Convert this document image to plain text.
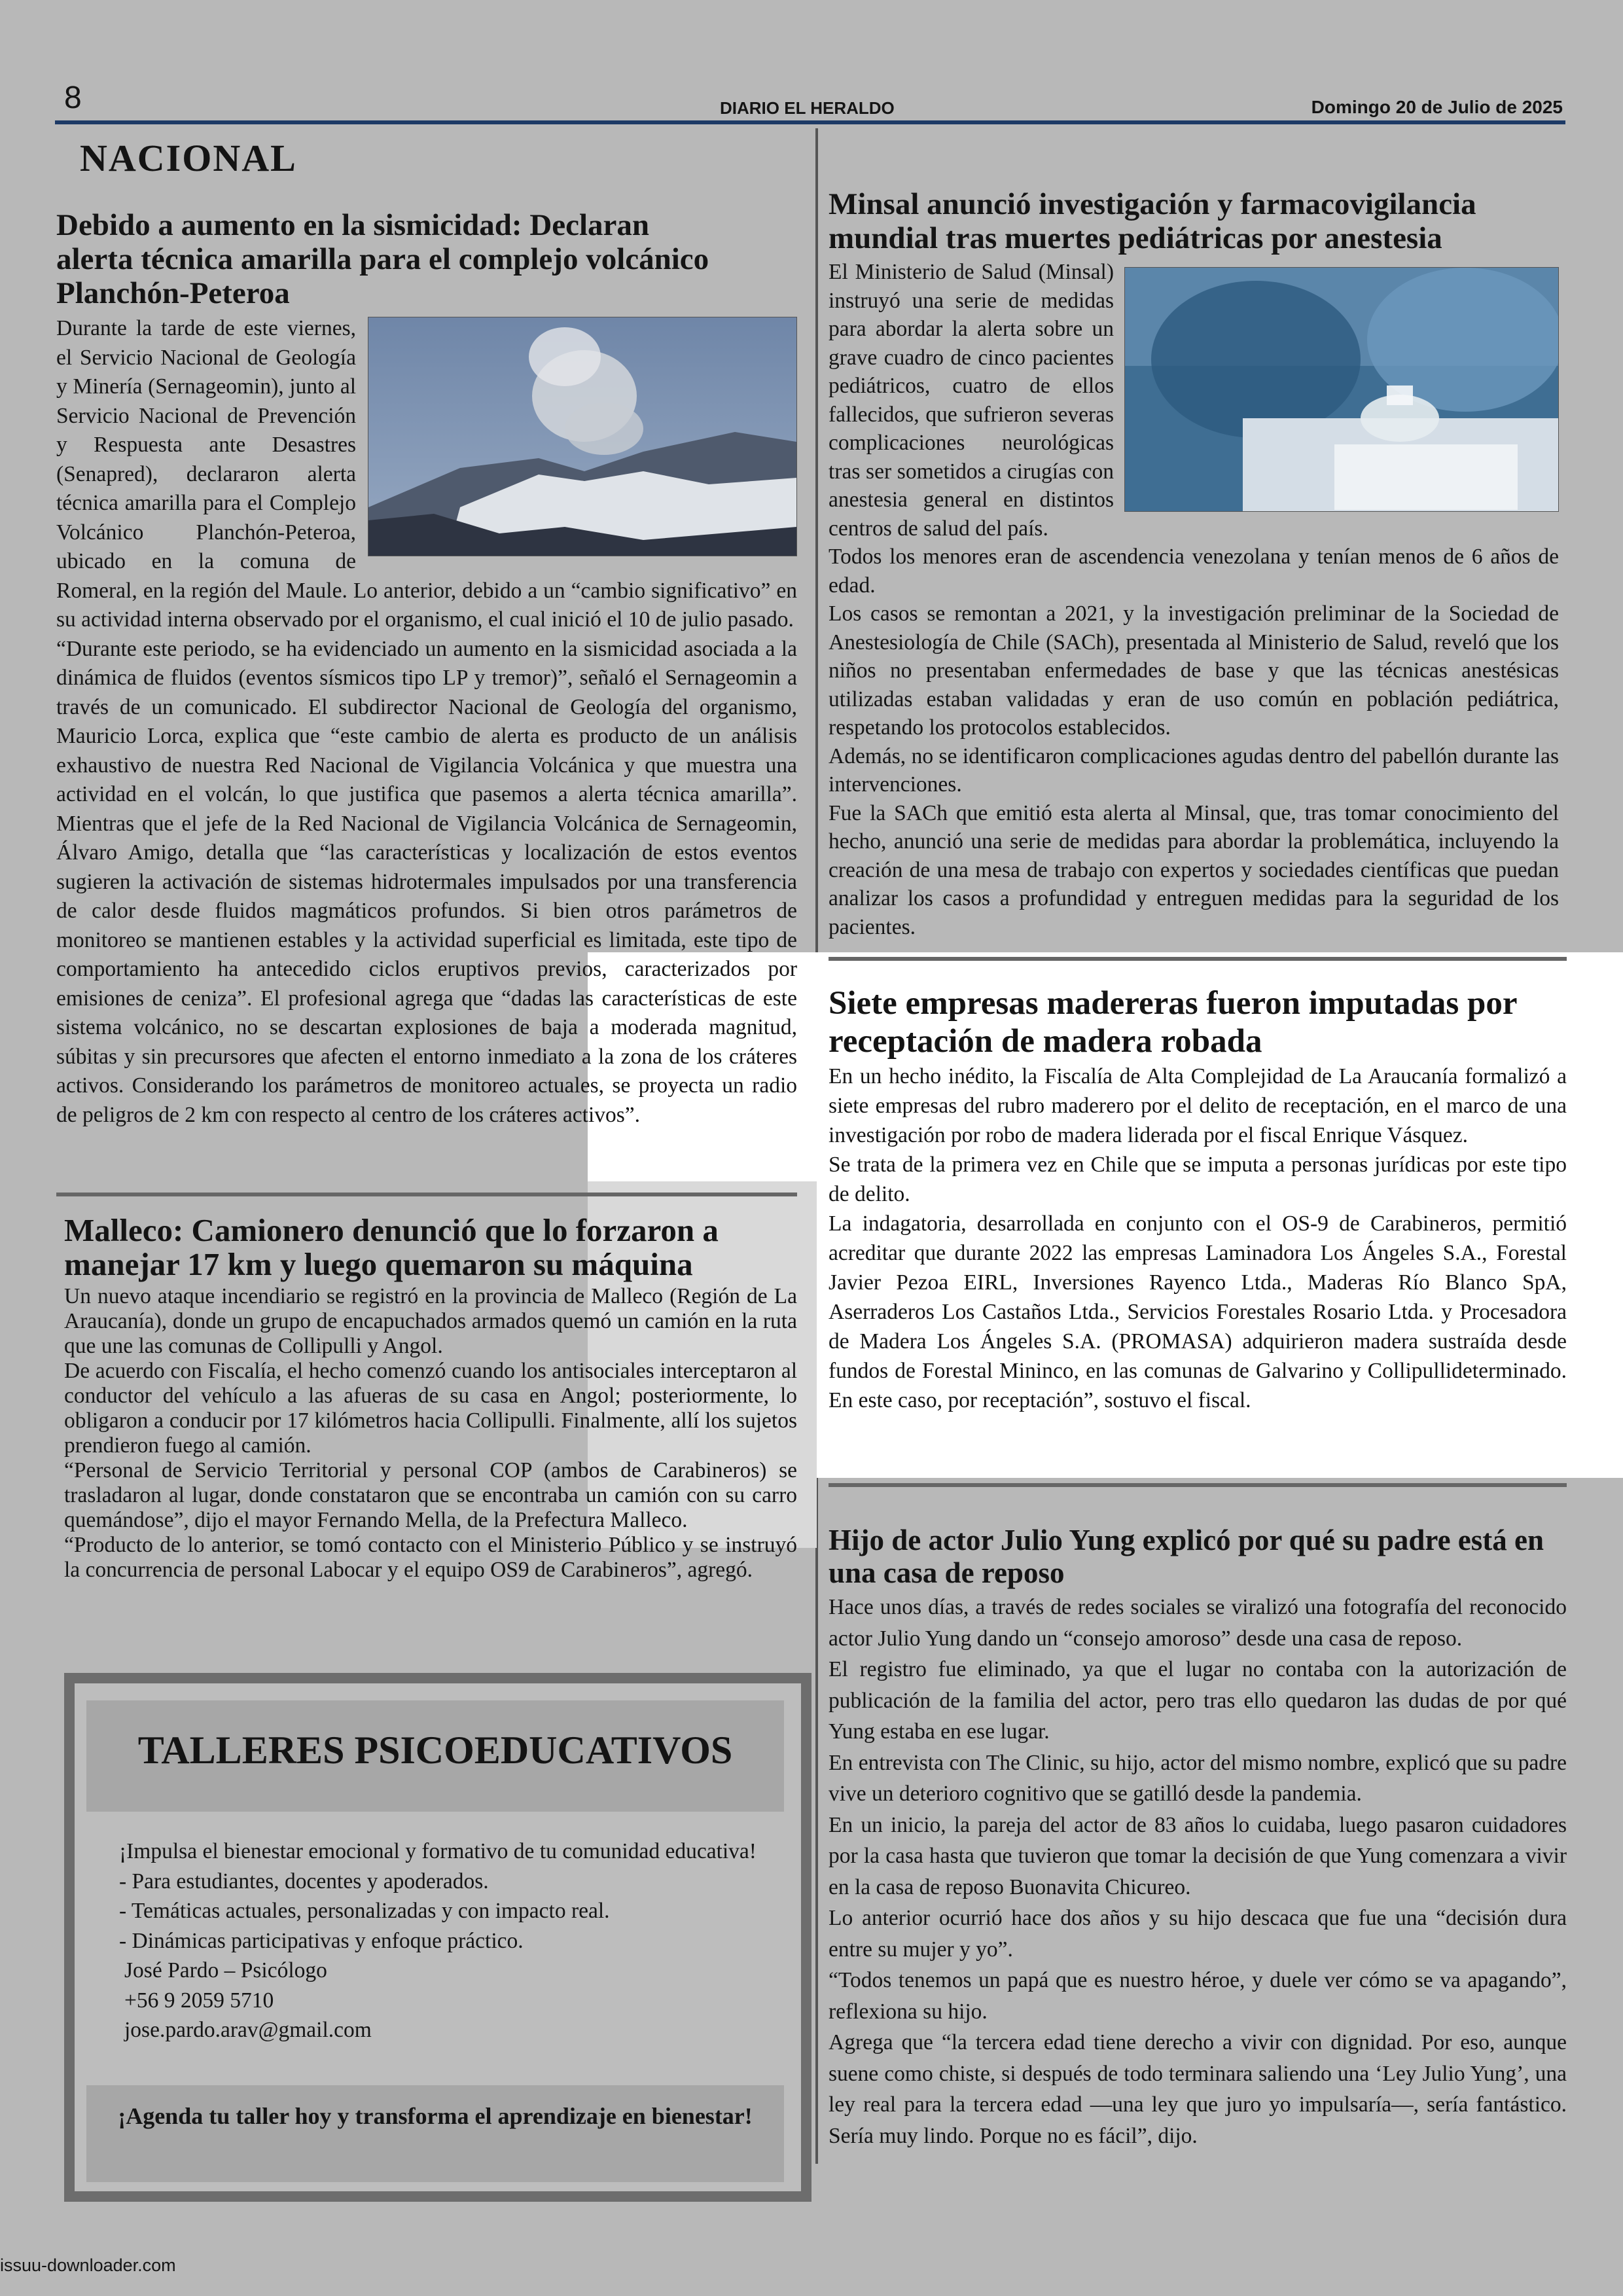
8	DIARIO EL HERALDO	Domingo 20 de Julio de 2025
NACIONAL
Debido a aumento en la sismicidad: Declaran alerta técnica amarilla para el complejo volcánico Planchón-Peteroa

Durante la tarde de este viernes, el Servicio Nacional de Geología y Minería (Sernageomin), junto al Servicio Nacional de Prevención y Respuesta ante Desastres (Senapred), declararon alerta técnica amarilla para el Complejo Volcánico Planchón-Peteroa, ubicado en la comuna de Romeral, en la región del Maule. Lo anterior, debido a un “cambio significativo” en su actividad interna observado por el organismo, el cual inició el 10 de julio pasado.

“Durante este periodo, se ha evidenciado un aumento en la sismicidad asociada a la dinámica de fluidos (eventos sísmicos tipo LP y tremor)”, señaló el Sernageomin a través de un comunicado. El subdirector Nacional de Geología del organismo, Mauricio Lorca, explica que “este cambio de alerta es producto de un análisis exhaustivo de nuestra Red Nacional de Vigilancia Volcánica y que muestra una actividad en el volcán, lo que justifica que pasemos a alerta técnica amarilla”. Mientras que el jefe de la Red Nacional de Vigilancia Volcánica de Sernageomin, Álvaro Amigo, detalla que “las características y localización de estos eventos sugieren la activación de sistemas hidrotermales impulsados por una transferencia de calor desde fluidos magmáticos profundos. Si bien otros parámetros de monitoreo se mantienen estables y la actividad superficial es limitada, este tipo de comportamiento ha antecedido ciclos eruptivos previos, caracterizados por emisiones de ceniza”. El profesional agrega que “dadas las características de este sistema volcánico, no se descartan explosiones de baja a moderada magnitud, súbitas y sin precursores que afecten el entorno inmediato a la zona de los cráteres activos. Considerando los parámetros de monitoreo actuales, se proyecta un radio de peligros de 2 km con respecto al centro de los cráteres activos”.

Malleco: Camionero denunció que lo forzaron a manejar 17 km y luego quemaron su máquina

Un nuevo ataque incendiario se registró en la provincia de Malleco (Región de La Araucanía), donde un grupo de encapuchados armados quemó un camión en la ruta que une las comunas de Collipulli y Angol.

De acuerdo con Fiscalía, el hecho comenzó cuando los antisociales interceptaron al conductor del vehículo a las afueras de su casa en Angol; posteriormente, lo obligaron a conducir por 17 kilómetros hacia Collipulli. Finalmente, allí los sujetos prendieron fuego al camión.

“Personal de Servicio Territorial y personal COP (ambos de Carabineros) se trasladaron al lugar, donde constataron que se encontraba un camión con su carro quemándose”, dijo el mayor Fernando Mella, de la Prefectura Malleco.

“Producto de lo anterior, se tomó contacto con el Ministerio Público y se instruyó la concurrencia de personal Labocar y el equipo OS9 de Carabineros”, agregó.

TALLERES PSICOEDUCATIVOS
¡Impulsa el bienestar emocional y formativo de tu comunidad educativa!
- Para estudiantes, docentes y apoderados.
- Temáticas actuales, personalizadas y con impacto real.
- Dinámicas participativas y enfoque práctico.
José Pardo – Psicólogo
+56 9 2059 5710
jose.pardo.arav@gmail.com
¡Agenda tu taller hoy y transforma el aprendizaje en bienestar!
Minsal anunció investigación y farmacovigilancia mundial tras muertes pediátricas por anestesia

El Ministerio de Salud (Minsal) instruyó una serie de medidas para abordar la alerta sobre un grave cuadro de cinco pacientes pediátricos, cuatro de ellos fallecidos, que sufrieron severas complicaciones neurológicas tras ser sometidos a cirugías con anestesia general en distintos centros de salud del país.

Todos los menores eran de ascendencia venezolana y tenían menos de 6 años de edad.

Los casos se remontan a 2021, y la investigación preliminar de la Sociedad de Anestesiología de Chile (SACh), presentada al Ministerio de Salud, reveló que los niños no presentaban enfermedades de base y que las técnicas anestésicas utilizadas estaban validadas y eran de uso común en población pediátrica, respetando los protocolos establecidos.

Además, no se identificaron complicaciones agudas dentro del pabellón durante las intervenciones.

Fue la SACh que emitió esta alerta al Minsal, que, tras tomar conocimiento del hecho, anunció una serie de medidas para abordar la problemática, incluyendo la creación de una mesa de trabajo con expertos y sociedades científicas que puedan analizar los casos a profundidad y entreguen medidas para la seguridad de los pacientes.

Siete empresas madereras fueron imputadas por receptación de madera robada

En un hecho inédito, la Fiscalía de Alta Complejidad de La Araucanía formalizó a siete empresas del rubro maderero por el delito de receptación, en el marco de una investigación por robo de madera liderada por el fiscal Enrique Vásquez.

Se trata de la primera vez en Chile que se imputa a personas jurídicas por este tipo de delito.

La indagatoria, desarrollada en conjunto con el OS-9 de Carabineros, permitió acreditar que durante 2022 las empresas Laminadora Los Ángeles S.A., Forestal Javier Pezoa EIRL, Inversiones Rayenco Ltda., Maderas Río Blanco SpA, Aserraderos Los Castaños Ltda., Servicios Forestales Rosario Ltda. y Procesadora de Madera Los Ángeles S.A. (PROMASA) adquirieron madera sustraída desde fundos de Forestal Mininco, en las comunas de Galvarino y Collipullideterminado. En este caso, por receptación”, sostuvo el fiscal.

Hijo de actor Julio Yung explicó por qué su padre está en una casa de reposo

Hace unos días, a través de redes sociales se viralizó una fotografía del reconocido actor Julio Yung dando un “consejo amoroso” desde una casa de reposo.

El registro fue eliminado, ya que el lugar no contaba con la autorización de publicación de la familia del actor, pero tras ello quedaron las dudas de por qué Yung estaba en ese lugar.

En entrevista con The Clinic, su hijo, actor del mismo nombre, explicó que su padre vive un deterioro cognitivo que se gatilló desde la pandemia.

En un inicio, la pareja del actor de 83 años lo cuidaba, luego pasaron cuidadores por la casa hasta que tuvieron que tomar la decisión de que Yung comenzara a vivir en la casa de reposo Buonavita Chicureo.

Lo anterior ocurrió hace dos años y su hijo descaca que fue una “decisión dura entre su mujer y yo”.

“Todos tenemos un papá que es nuestro héroe, y duele ver cómo se va apagando”, reflexiona su hijo.

Agrega que “la tercera edad tiene derecho a vivir con dignidad. Por eso, aunque suene como chiste, si después de todo terminara saliendo una ‘Ley Julio Yung’, una ley real para la tercera edad —una ley que juro yo impulsaría—, sería fantástico. Sería muy lindo. Porque no es fácil”, dijo.

issuu-downloader.com
